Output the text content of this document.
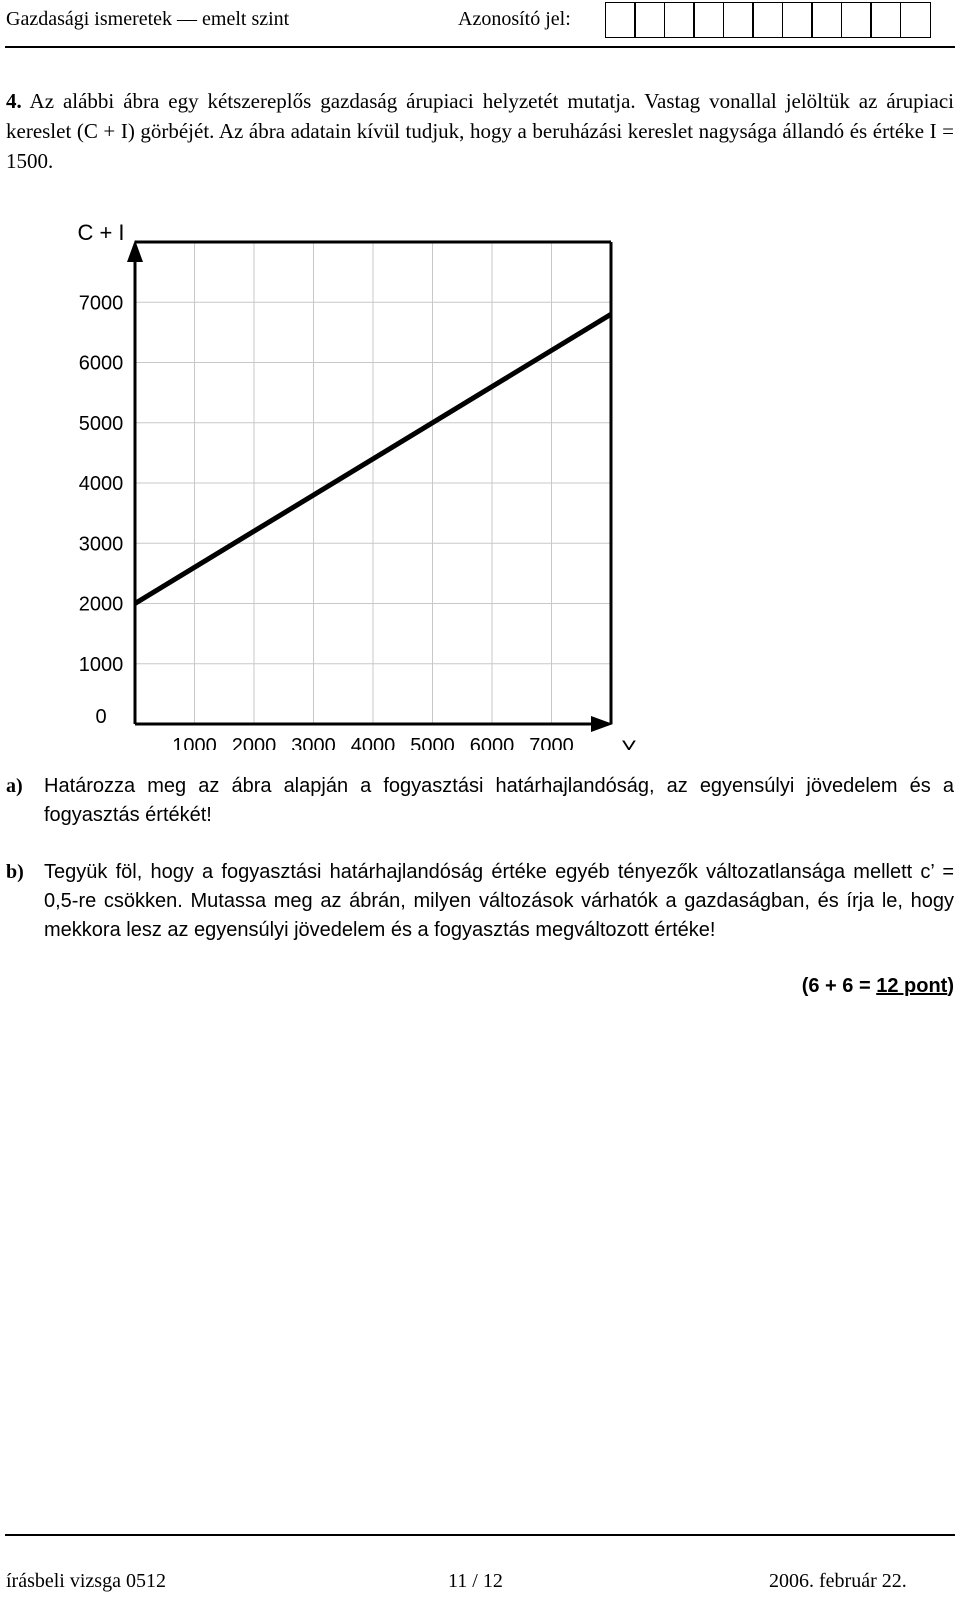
Gazdasági ismeretek — emelt szint	Azonosító jel:
4. Az alábbi ábra egy kétszereplős gazdaság árupiaci helyzetét mutatja. Vastag vonallal jelöltük az árupiaci kereslet (C + I) görbéjét. Az ábra adatain kívül tudjuk, hogy a beruházási kereslet nagysága állandó és értéke I = 1500.
0
1000
2000
3000
4000
5000
6000
7000
1000 2000 3000 4000 5000 6000 7000
C + I
Y
a) Határozza meg az ábra alapján a fogyasztási határhajlandóság, az egyensúlyi jövedelem és a fogyasztás értékét!
b) Tegyük föl, hogy a fogyasztási határhajlandóság értéke egyéb tényezők változatlansága mellett c’ = 0,5-re csökken. Mutassa meg az ábrán, milyen változások várhatók a gazdaságban, és írja le, hogy mekkora lesz az egyensúlyi jövedelem és a fogyasztás megváltozott értéke!
(6 + 6 = 12 pont)
írásbeli vizsga 0512	11 / 12	2006. február 22.
